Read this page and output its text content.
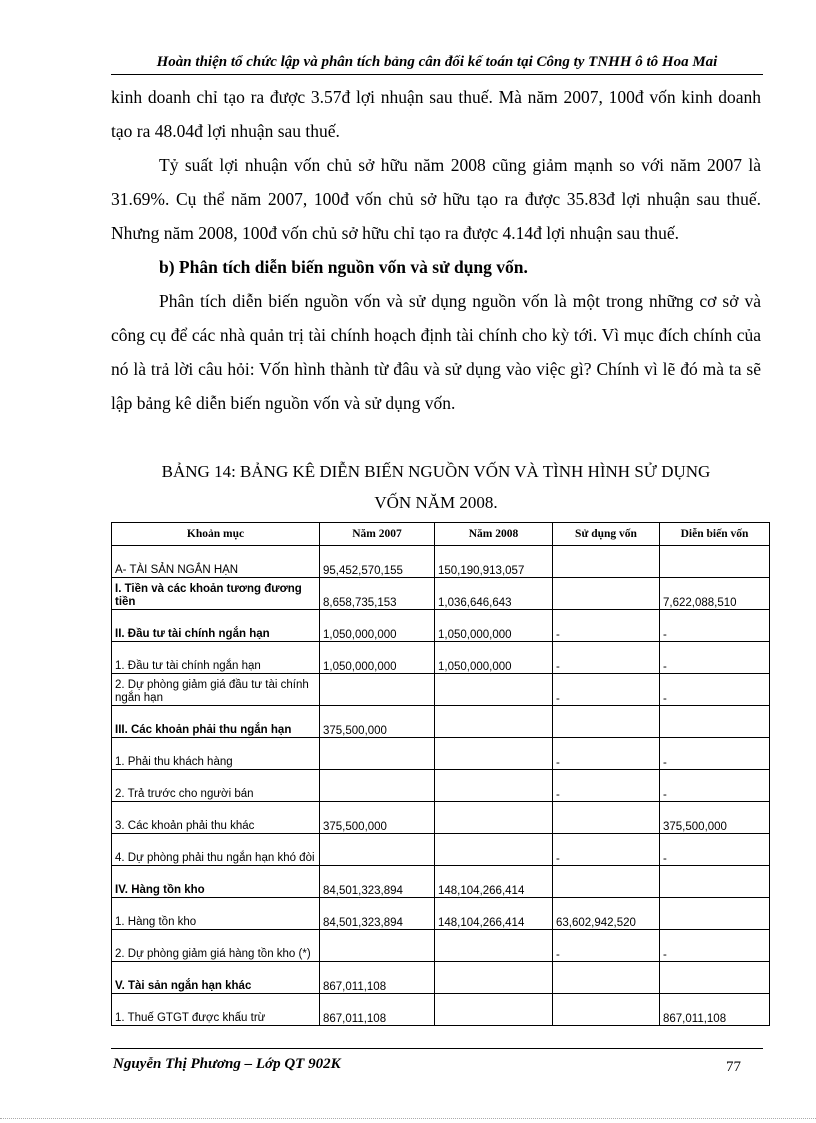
Hoàn thiện tổ chức lập và phân tích bảng cân đối kế toán tại Công ty TNHH ô tô Hoa Mai

kinh doanh chỉ tạo ra được 3.57đ lợi nhuận sau thuế. Mà năm 2007, 100đ vốn kinh doanh tạo ra 48.04đ lợi nhuận sau thuế.

Tỷ suất lợi nhuận vốn chủ sở hữu năm 2008 cũng giảm mạnh so với năm 2007 là 31.69%. Cụ thể năm 2007, 100đ vốn chủ sở hữu tạo ra được 35.83đ lợi nhuận sau thuế. Nhưng năm 2008, 100đ vốn chủ sở hữu chỉ tạo ra được 4.14đ lợi nhuận sau thuế.

b) Phân tích diễn biến nguồn vốn và sử dụng vốn.

Phân tích diễn biến nguồn vốn và sử dụng nguồn vốn là một trong những cơ sở và công cụ để các nhà quản trị tài chính hoạch định tài chính cho kỳ tới. Vì mục đích chính của nó là trả lời câu hỏi: Vốn hình thành từ đâu và sử dụng vào việc gì? Chính vì lẽ đó mà ta sẽ lập bảng kê diễn biến nguồn vốn và sử dụng vốn.

BẢNG 14: BẢNG KÊ DIỄN BIẾN NGUỒN VỐN VÀ TÌNH HÌNH SỬ DỤNG
VỐN NĂM 2008.
Khoản mục	Năm 2007	Năm 2008	Sử dụng vốn	Diễn biến vốn
A- TÀI SẢN NGẮN HẠN	95,452,570,155	150,190,913,057		
I. Tiền và các khoản tương đương tiền	8,658,735,153	1,036,646,643		7,622,088,510
II. Đầu tư tài chính ngắn hạn	1,050,000,000	1,050,000,000	-	-
1. Đầu tư tài chính ngắn hạn	1,050,000,000	1,050,000,000	-	-
2. Dự phòng giảm giá đầu tư tài chính ngắn hạn			-	-
III. Các khoản phải thu ngắn hạn	375,500,000			
1. Phải thu khách hàng			-	-
2. Trả trước cho người bán			-	-
3. Các khoản phải thu khác	375,500,000			375,500,000
4. Dự phòng phải thu ngắn hạn khó đòi			-	-
IV. Hàng tồn kho	84,501,323,894	148,104,266,414		
1. Hàng tồn kho	84,501,323,894	148,104,266,414	63,602,942,520	
2. Dự phòng giảm giá hàng tồn kho (*)			-	-
V. Tài sản ngắn hạn khác	867,011,108			
1. Thuế GTGT được khấu trừ	867,011,108			867,011,108
Nguyễn Thị Phương – Lớp QT 902K	77
